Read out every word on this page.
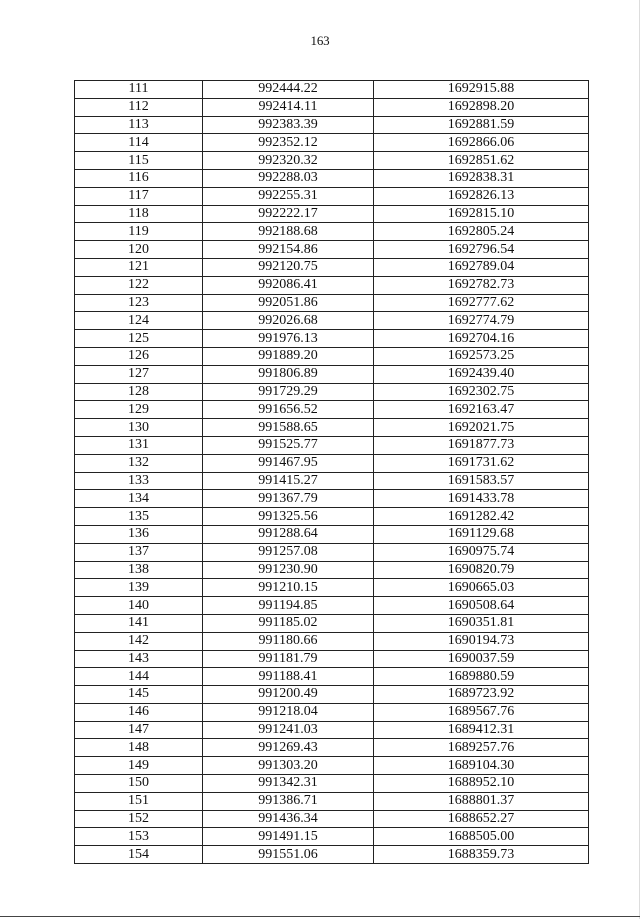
163
111	992444.22	1692915.88
112	992414.11	1692898.20
113	992383.39	1692881.59
114	992352.12	1692866.06
115	992320.32	1692851.62
116	992288.03	1692838.31
117	992255.31	1692826.13
118	992222.17	1692815.10
119	992188.68	1692805.24
120	992154.86	1692796.54
121	992120.75	1692789.04
122	992086.41	1692782.73
123	992051.86	1692777.62
124	992026.68	1692774.79
125	991976.13	1692704.16
126	991889.20	1692573.25
127	991806.89	1692439.40
128	991729.29	1692302.75
129	991656.52	1692163.47
130	991588.65	1692021.75
131	991525.77	1691877.73
132	991467.95	1691731.62
133	991415.27	1691583.57
134	991367.79	1691433.78
135	991325.56	1691282.42
136	991288.64	1691129.68
137	991257.08	1690975.74
138	991230.90	1690820.79
139	991210.15	1690665.03
140	991194.85	1690508.64
141	991185.02	1690351.81
142	991180.66	1690194.73
143	991181.79	1690037.59
144	991188.41	1689880.59
145	991200.49	1689723.92
146	991218.04	1689567.76
147	991241.03	1689412.31
148	991269.43	1689257.76
149	991303.20	1689104.30
150	991342.31	1688952.10
151	991386.71	1688801.37
152	991436.34	1688652.27
153	991491.15	1688505.00
154	991551.06	1688359.73
